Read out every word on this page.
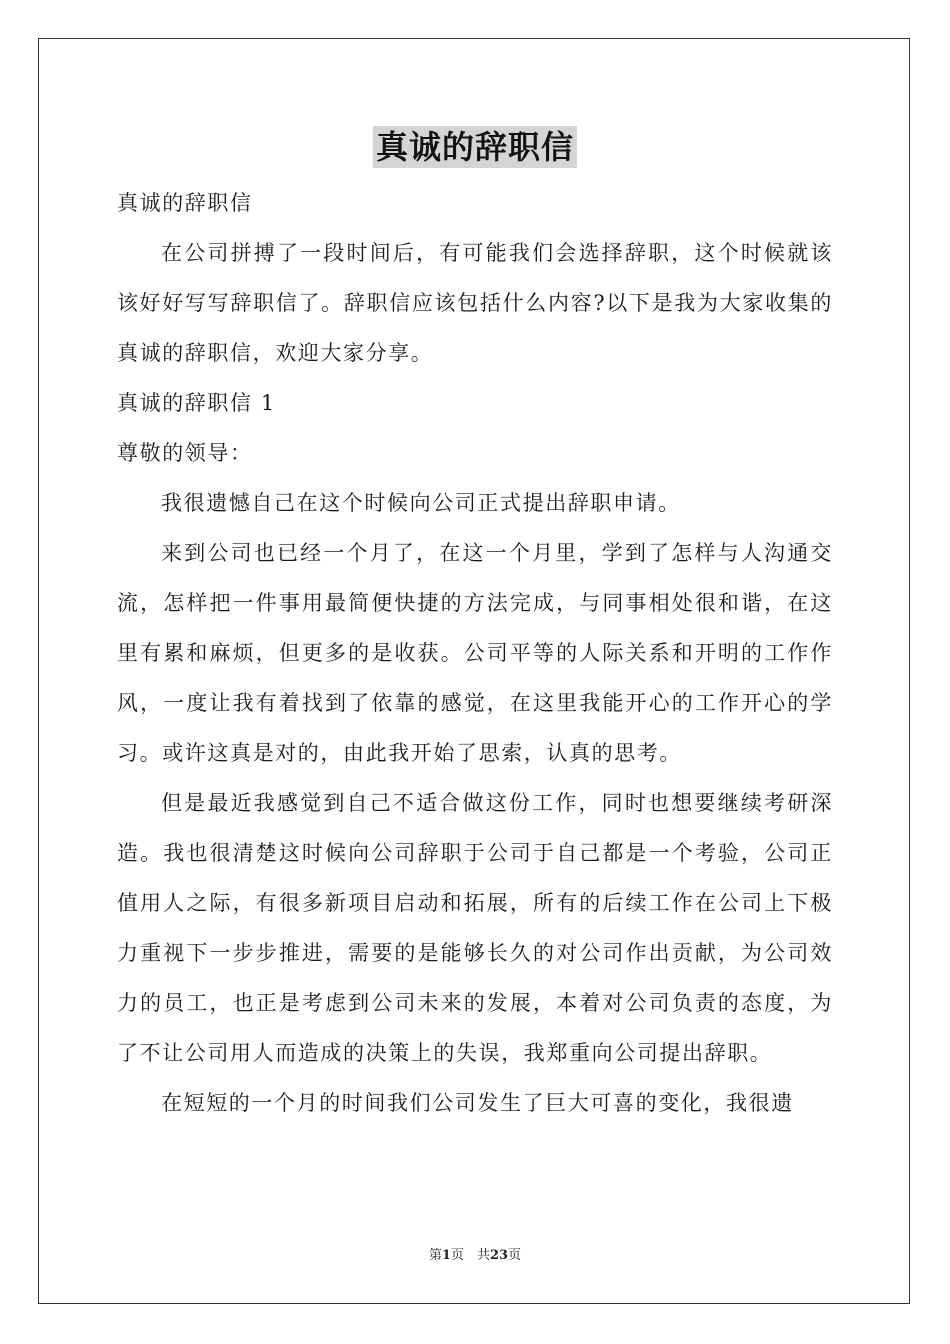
真诚的辞职信

真诚的辞职信

在公司拼搏了一段时间后，有可能我们会选择辞职，这个时候就该该好好写写辞职信了。辞职信应该包括什么内容?以下是我为大家收集的真诚的辞职信，欢迎大家分享。

真诚的辞职信 1

尊敬的领导：

我很遗憾自己在这个时候向公司正式提出辞职申请。

来到公司也已经一个月了，在这一个月里，学到了怎样与人沟通交流，怎样把一件事用最简便快捷的方法完成，与同事相处很和谐，在这里有累和麻烦，但更多的是收获。公司平等的人际关系和开明的工作作风，一度让我有着找到了依靠的感觉，在这里我能开心的工作开心的学习。或许这真是对的，由此我开始了思索，认真的思考。

但是最近我感觉到自己不适合做这份工作，同时也想要继续考研深造。我也很清楚这时候向公司辞职于公司于自己都是一个考验，公司正值用人之际，有很多新项目启动和拓展，所有的后续工作在公司上下极力重视下一步步推进，需要的是能够长久的对公司作出贡献，为公司效力的员工，也正是考虑到公司未来的发展，本着对公司负责的态度，为了不让公司用人而造成的决策上的失误，我郑重向公司提出辞职。

在短短的一个月的时间我们公司发生了巨大可喜的变化，我很遗

第1页　共23页
